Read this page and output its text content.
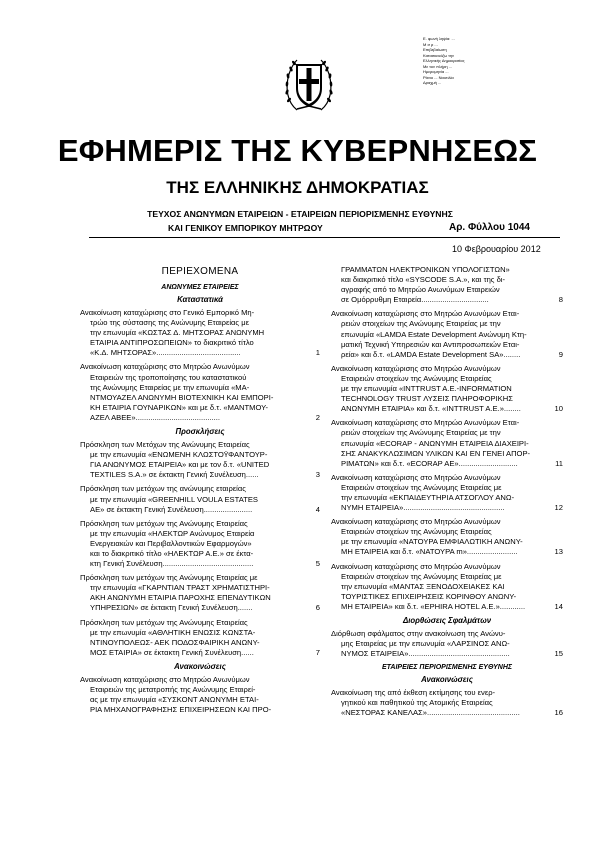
Ε. φωνή ληψία: ...
Μ σ ρ ...
Επιβεβαίωση
Κατασκευάζω την
Ελληνικής Δημοκρατίας
Με τον πλήρη ...
Ημερομηνία ...
Ράνιο ... Ναυτιλία
Δραχμή ...
ΕΦΗΜΕΡΙΣ ΤΗΣ ΚΥΒΕΡΝΗΣΕΩΣ
ΤΗΣ ΕΛΛΗΝΙΚΗΣ ΔΗΜΟΚΡΑΤΙΑΣ
ΤΕΥΧΟΣ ΑΝΩΝΥΜΩΝ ΕΤΑΙΡΕΙΩΝ - ΕΤΑΙΡΕΙΩΝ ΠΕΡΙΟΡΙΣΜΕΝΗΣ ΕΥΘΥΝΗΣ
ΚΑΙ ΓΕΝΙΚΟΥ ΕΜΠΟΡΙΚΟΥ ΜΗΤΡΩΟΥ	Αρ. Φύλλου 1044
10 Φεβρουαρίου 2012
ΠΕΡΙΕΧΟΜΕΝΑ
ΑΝΩΝΥΜΕΣ ΕΤΑΙΡΕΙΕΣ
Καταστατικά
Ανακοίνωση καταχώρισης στο Γενικό Εμπορικό Μη-
τρώο της σύστασης της Ανώνυμης Εταιρείας με
την επωνυμία «ΚΩΣΤΑΣ Δ. ΜΗΤΣΟΡΑΣ ΑΝΩΝΥΜΗ
ΕΤΑΙΡΙΑ ΑΝΤΙΠΡΟΣΩΠΕΙΩΝ» το διακριτικό τίτλο
«Κ.Δ. ΜΗΤΣΟΡΑΣ»........................................	1
Ανακοίνωση καταχώρισης στο Μητρώο Ανωνύμων
Εταιρειών της τροποποίησης του καταστατικού
της Ανώνυμης Εταιρείας με την επωνυμία «ΜΑ-
ΝΤΜΟΥΑΖΕΛ ΑΝΩΝΥΜΗ ΒΙΟΤΕΧΝΙΚΗ ΚΑΙ ΕΜΠΟΡΙ-
ΚΗ ΕΤΑΙΡΙΑ ΓΟΥΝΑΡΙΚΩΝ» και με δ.τ. «ΜΑΝΤΜΟΥ-
ΑΖΕΛ ΑΒΕΕ»........................................	2
Προσκλήσεις
Πρόσκληση των Μετόχων της Ανώνυμης Εταιρείας
με την επωνυμία «ΕΝΩΜΕΝΗ ΚΛΩΣΤΟΫΦΑΝΤΟΥΡ-
ΓΙΑ ΑΝΩΝΥΜΟΣ ΕΤΑΙΡΕΙΑ» και με τον δ.τ. «UNITED
TEXTILES S.A.» σε έκτακτη Γενική Συνέλευση......	3
Πρόσκληση των μετόχων της ανώνυμης εταιρείας
με την επωνυμία «GREENHILL VOULA ESTATES
AE» σε έκτακτη Γενική Συνέλευση.......................	4
Πρόσκληση των μετόχων της Ανώνυμης Εταιρείας
με την επωνυμία «ΗΛΕΚΤΩΡ Ανώνυμος Εταιρεία
Ενεργειακών και Περιβαλλοντικών Εφαρμογών»
και το διακριτικό τίτλο «ΗΛΕΚΤΩΡ Α.Ε.» σε έκτα-
κτη Γενική Συνέλευση...........................................	5
Πρόσκληση των μετόχων της Ανώνυμης Εταιρείας με
την επωνυμία «ΓΚΑΡΝΤΙΑΝ ΤΡΑΣΤ ΧΡΗΜΑΤΙΣΤΗΡΙ-
ΑΚΗ ΑΝΩΝΥΜΗ ΕΤΑΙΡΙΑ ΠΑΡΟΧΗΣ ΕΠΕΝΔΥΤΙΚΩΝ
ΥΠΗΡΕΣΙΩΝ» σε έκτακτη Γενική Συνέλευση.......	6
Πρόσκληση των μετόχων της Ανώνυμης Εταιρείας
με την επωνυμία «ΑΘΛΗΤΙΚΗ ΕΝΩΣΙΣ ΚΩΝΣΤΑ-
ΝΤΙΝΟΥΠΟΛΕΩΣ- ΑΕΚ ΠΟΔΟΣΦΑΙΡΙΚΗ ΑΝΩΝΥ-
ΜΟΣ ΕΤΑΙΡΙΑ» σε έκτακτη Γενική Συνέλευση......	7
Ανακοινώσεις
Ανακοίνωση καταχώρισης στο Μητρώο Ανωνύμων
Εταιρειών της μετατροπής της Ανώνυμης Εταιρεί-
ας με την επωνυμία «ΣΥΣΚΟΝΤ ΑΝΩΝΥΜΗ ΕΤΑΙ-
ΡΙΑ ΜΗΧΑΝΟΓΡΑΦΗΣΗΣ ΕΠΙΧΕΙΡΗΣΕΩΝ ΚΑΙ ΠΡΟ-
ΓΡΑΜΜΑΤΩΝ ΗΛΕΚΤΡΟΝΙΚΩΝ ΥΠΟΛΟΓΙΣΤΩΝ»
και διακριτικό τίτλο «SYSCODE S.A.», και της δι-
αγραφής από το Μητρώο Ανωνύμων Εταιρειών
σε Ομόρρυθμη Εταιρεία................................	8
Ανακοίνωση καταχώρισης στο Μητρώο Ανωνύμων Εται-
ρειών στοιχείων της Ανώνυμης Εταιρείας με την
επωνυμία «LAMDA Estate Development Ανώνυμη Κτη-
ματική Τεχνική Υπηρεσιών και Αντιπροσωπειών Εται-
ρεία» και δ.τ. «LAMDA Estate Development SA»........	9
Ανακοίνωση καταχώρισης στο Μητρώο Ανωνύμων
Εταιρειών στοιχείων της Ανώνυμης Εταιρείας
με την επωνυμία «INTTRUST A.E.-INFORMATION
TECHNOLOGY TRUST ΛΥΣΕΙΣ ΠΛΗΡΟΦΟΡΙΚΗΣ
ΑΝΩΝΥΜΗ ΕΤΑΙΡΙΑ» και δ.τ. «INTTRUST A.E.»........	10
Ανακοίνωση καταχώρισης στο Μητρώο Ανωνύμων Εται-
ρειών στοιχείων της Ανώνυμης Εταιρείας με την
επωνυμία «ECORAP - ΑΝΩΝΥΜΗ ΕΤΑΙΡΕΙΑ ΔΙΑΧΕΙΡΙ-
ΣΗΣ ΑΝΑΚΥΚΛΩΣΙΜΩΝ ΥΛΙΚΩΝ ΚΑΙ ΕΝ ΓΕΝΕΙ ΑΠΟΡ-
ΡΙΜΑΤΩΝ» και δ.τ. «ECORAP AE»............................	11
Ανακοίνωση καταχώρισης στο Μητρώο Ανωνύμων
Εταιρειών στοιχείων της Ανώνυμης Εταιρείας με
την επωνυμία «ΕΚΠΑΙΔΕΥΤΗΡΙΑ ΑΤΣΟΓΛΟΥ ΑΝΩ-
ΝΥΜΗ ΕΤΑΙΡΕΙΑ»................................................	12
Ανακοίνωση καταχώρισης στο Μητρώο Ανωνύμων
Εταιρειών στοιχείων της Ανώνυμης Εταιρείας
με την επωνυμία «ΝΑΤΟΥΡΑ ΕΜΦΙΑΛΩΤΙΚΗ ΑΝΩΝΥ-
ΜΗ ΕΤΑΙΡΕΙΑ και δ.τ. «ΝΑΤΟΥΡΑ m»........................	13
Ανακοίνωση καταχώρισης στο Μητρώο Ανωνύμων
Εταιρειών στοιχείων της Ανώνυμης Εταιρείας με
την επωνυμία «ΜΑΝΤΑΣ ΞΕΝΟΔΟΧΕΙΑΚΕΣ ΚΑΙ
ΤΟΥΡΙΣΤΙΚΕΣ ΕΠΙΧΕΙΡΗΣΕΙΣ ΚΟΡΙΝΘΟΥ ΑΝΩΝΥ-
ΜΗ ΕΤΑΙΡΕΙΑ» και δ.τ. «EPHIRA HOTEL A.E.»............	14
Διορθώσεις Σφαλμάτων
Διόρθωση σφάλματος στην ανακοίνωση της Ανώνυ-
μης Εταιρείας με την επωνυμία «ΛΑΡΣΙΝΟΣ ΑΝΩ-
ΝΥΜΟΣ ΕΤΑΙΡΕΙΑ»................................................	15
ΕΤΑΙΡΕΙΕΣ ΠΕΡΙΟΡΙΣΜΕΝΗΣ ΕΥΘΥΝΗΣ
Ανακοινώσεις
Ανακοίνωση της από έκθεση εκτίμησης του ενερ-
γητικού και παθητικού της Ατομικής Εταιρείας
«ΝΕΣΤΟΡΑΣ ΚΑΝΕΛΑΣ»............................................	16
